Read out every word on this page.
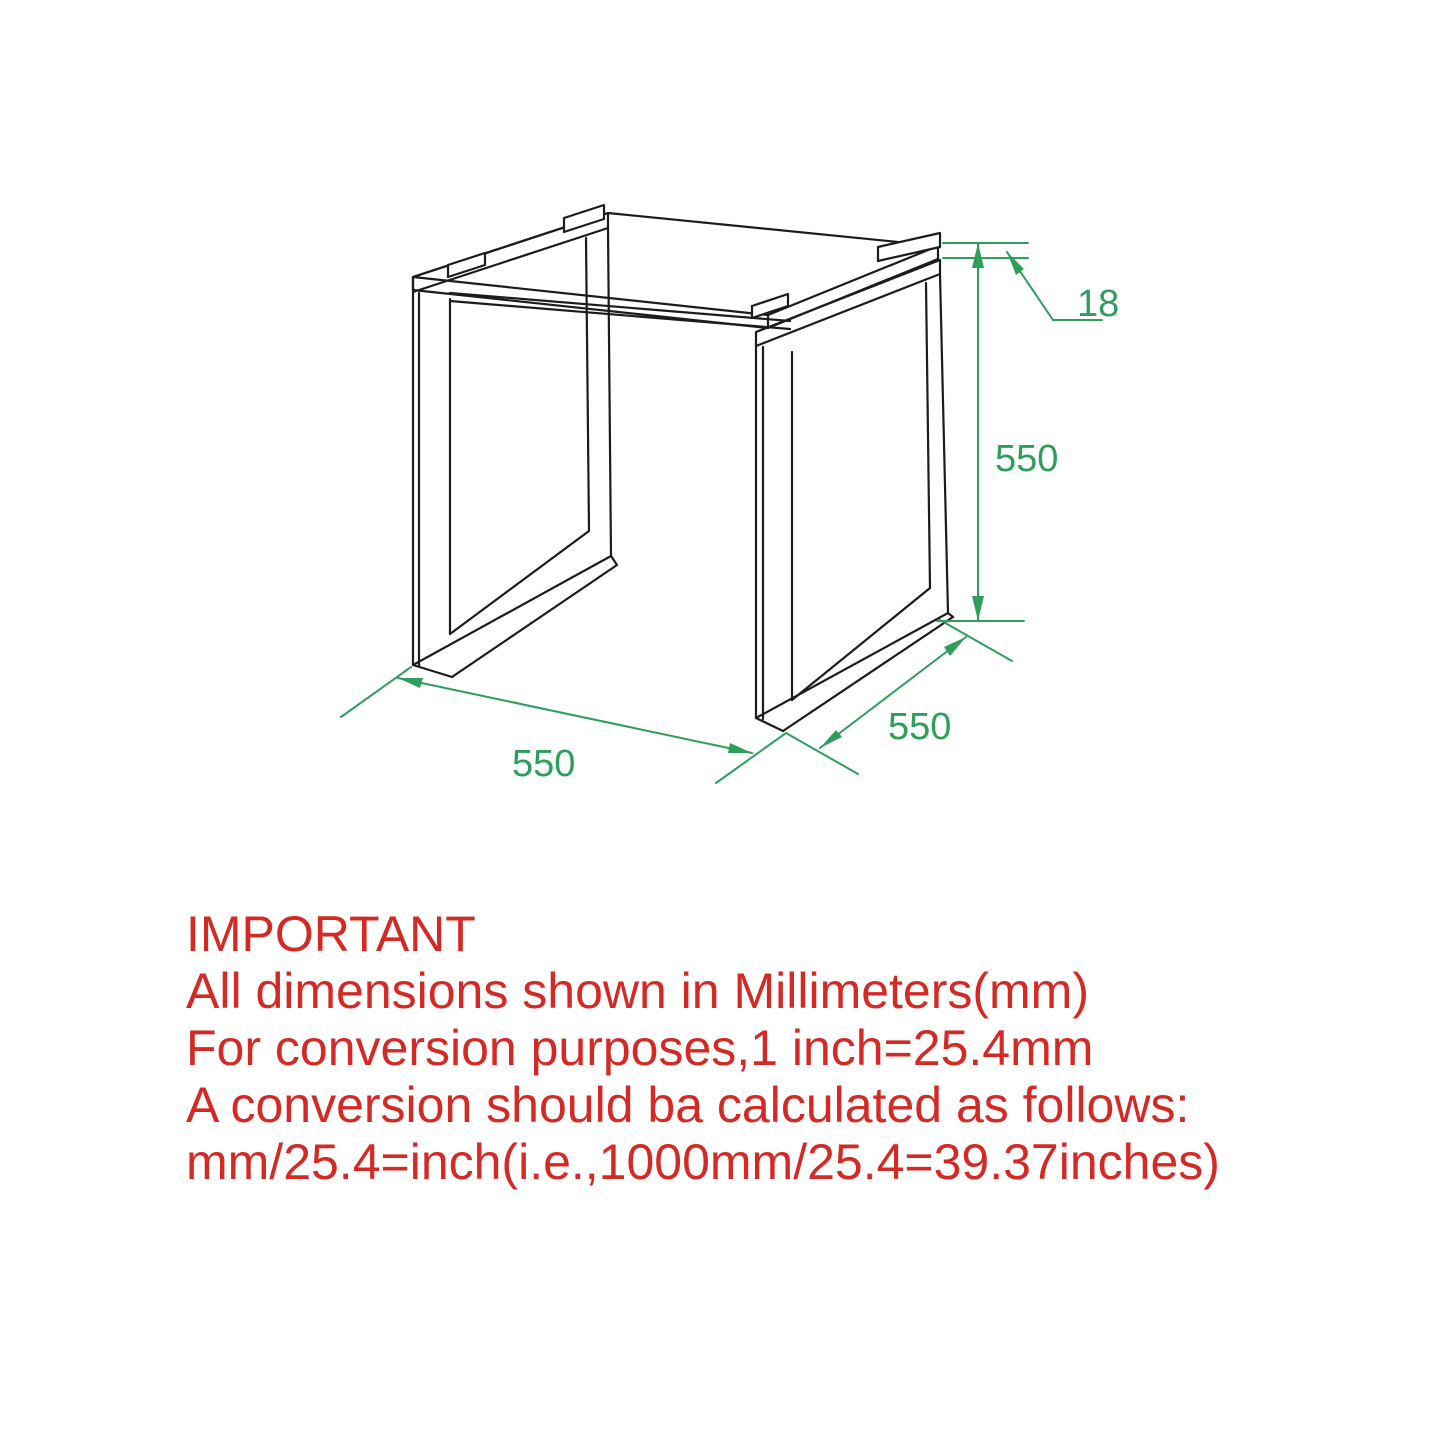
550
18
550
550
IMPORTANT
All dimensions shown in Millimeters(mm)
For conversion purposes,1 inch=25.4mm
A conversion should ba calculated as follows:
mm/25.4=inch(i.e.,1000mm/25.4=39.37inches)
